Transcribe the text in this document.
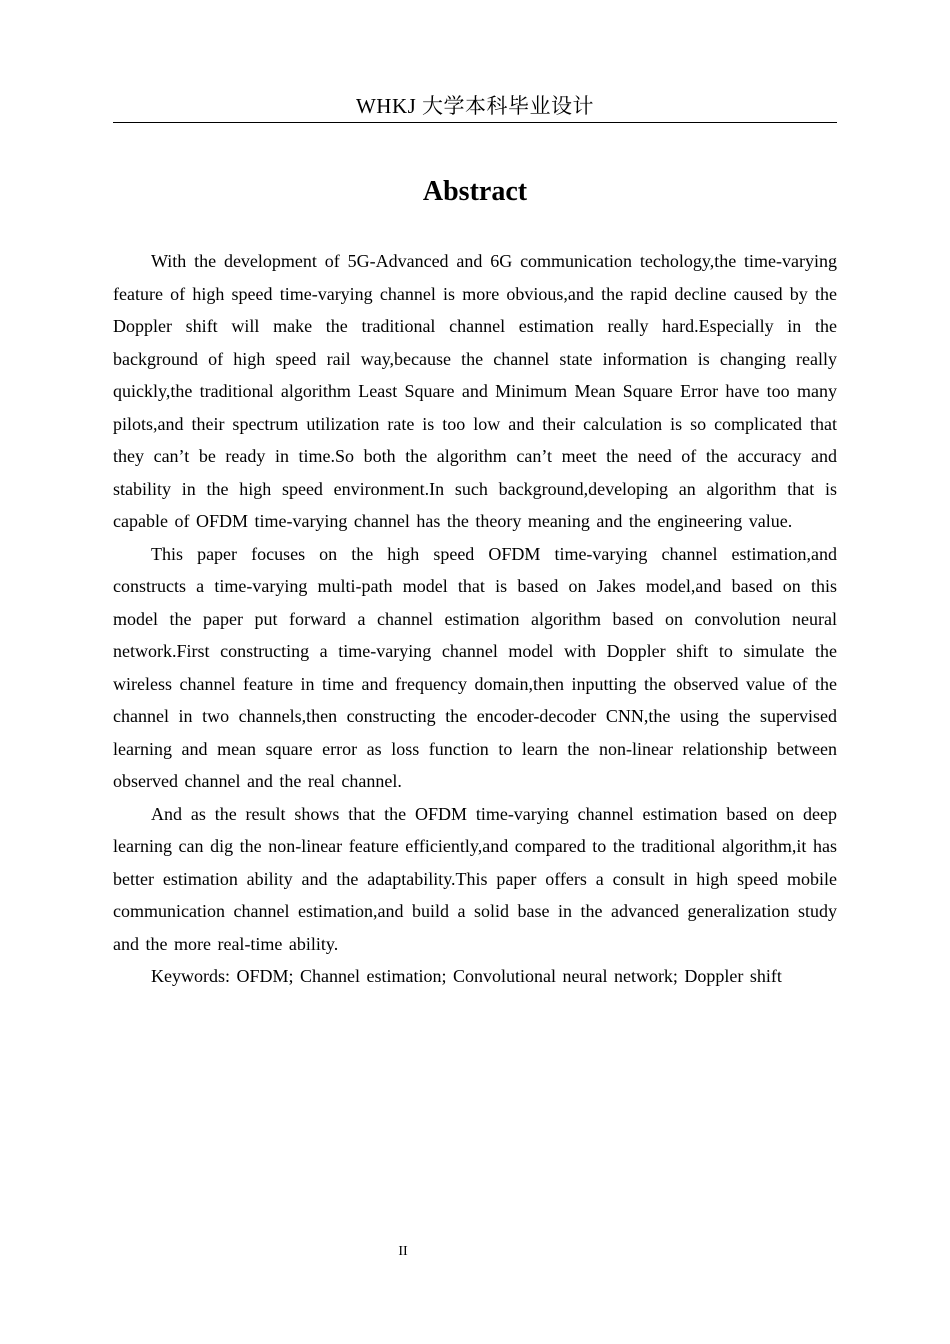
WHKJ 大学本科毕业设计
Abstract

With the development of 5G-Advanced and 6G communication techology,the time-varying feature of high speed time-varying channel is more obvious,and the rapid decline caused by the Doppler shift will make the traditional channel estimation really hard.Especially in the background of high speed rail way,because the channel state information is changing really quickly,the traditional algorithm Least Square and Minimum Mean Square Error have too many pilots,and their spectrum utilization rate is too low and their calculation is so complicated that they can’t be ready in time.So both the algorithm can’t meet the need of the accuracy and stability in the high speed environment.In such background,developing an algorithm that is capable of OFDM time-varying channel has the theory meaning and the engineering value.

This paper focuses on the high speed OFDM time-varying channel estimation,and constructs a time-varying multi-path model that is based on Jakes model,and based on this model the paper put forward a channel estimation algorithm based on convolution neural network.First constructing a time-varying channel model with Doppler shift to simulate the wireless channel feature in time and frequency domain,then inputting the observed value of the channel in two channels,then constructing the encoder-decoder CNN,the using the supervised learning and mean square error as loss function to learn the non-linear relationship between observed channel and the real channel.

And as the result shows that the OFDM time-varying channel estimation based on deep learning can dig the non-linear feature efficiently,and compared to the traditional algorithm,it has better estimation ability and the adaptability.This paper offers a consult in high speed mobile communication channel estimation,and build a solid base in the advanced generalization study and the more real-time ability.

Keywords: OFDM; Channel estimation; Convolutional neural network; Doppler shift

II
